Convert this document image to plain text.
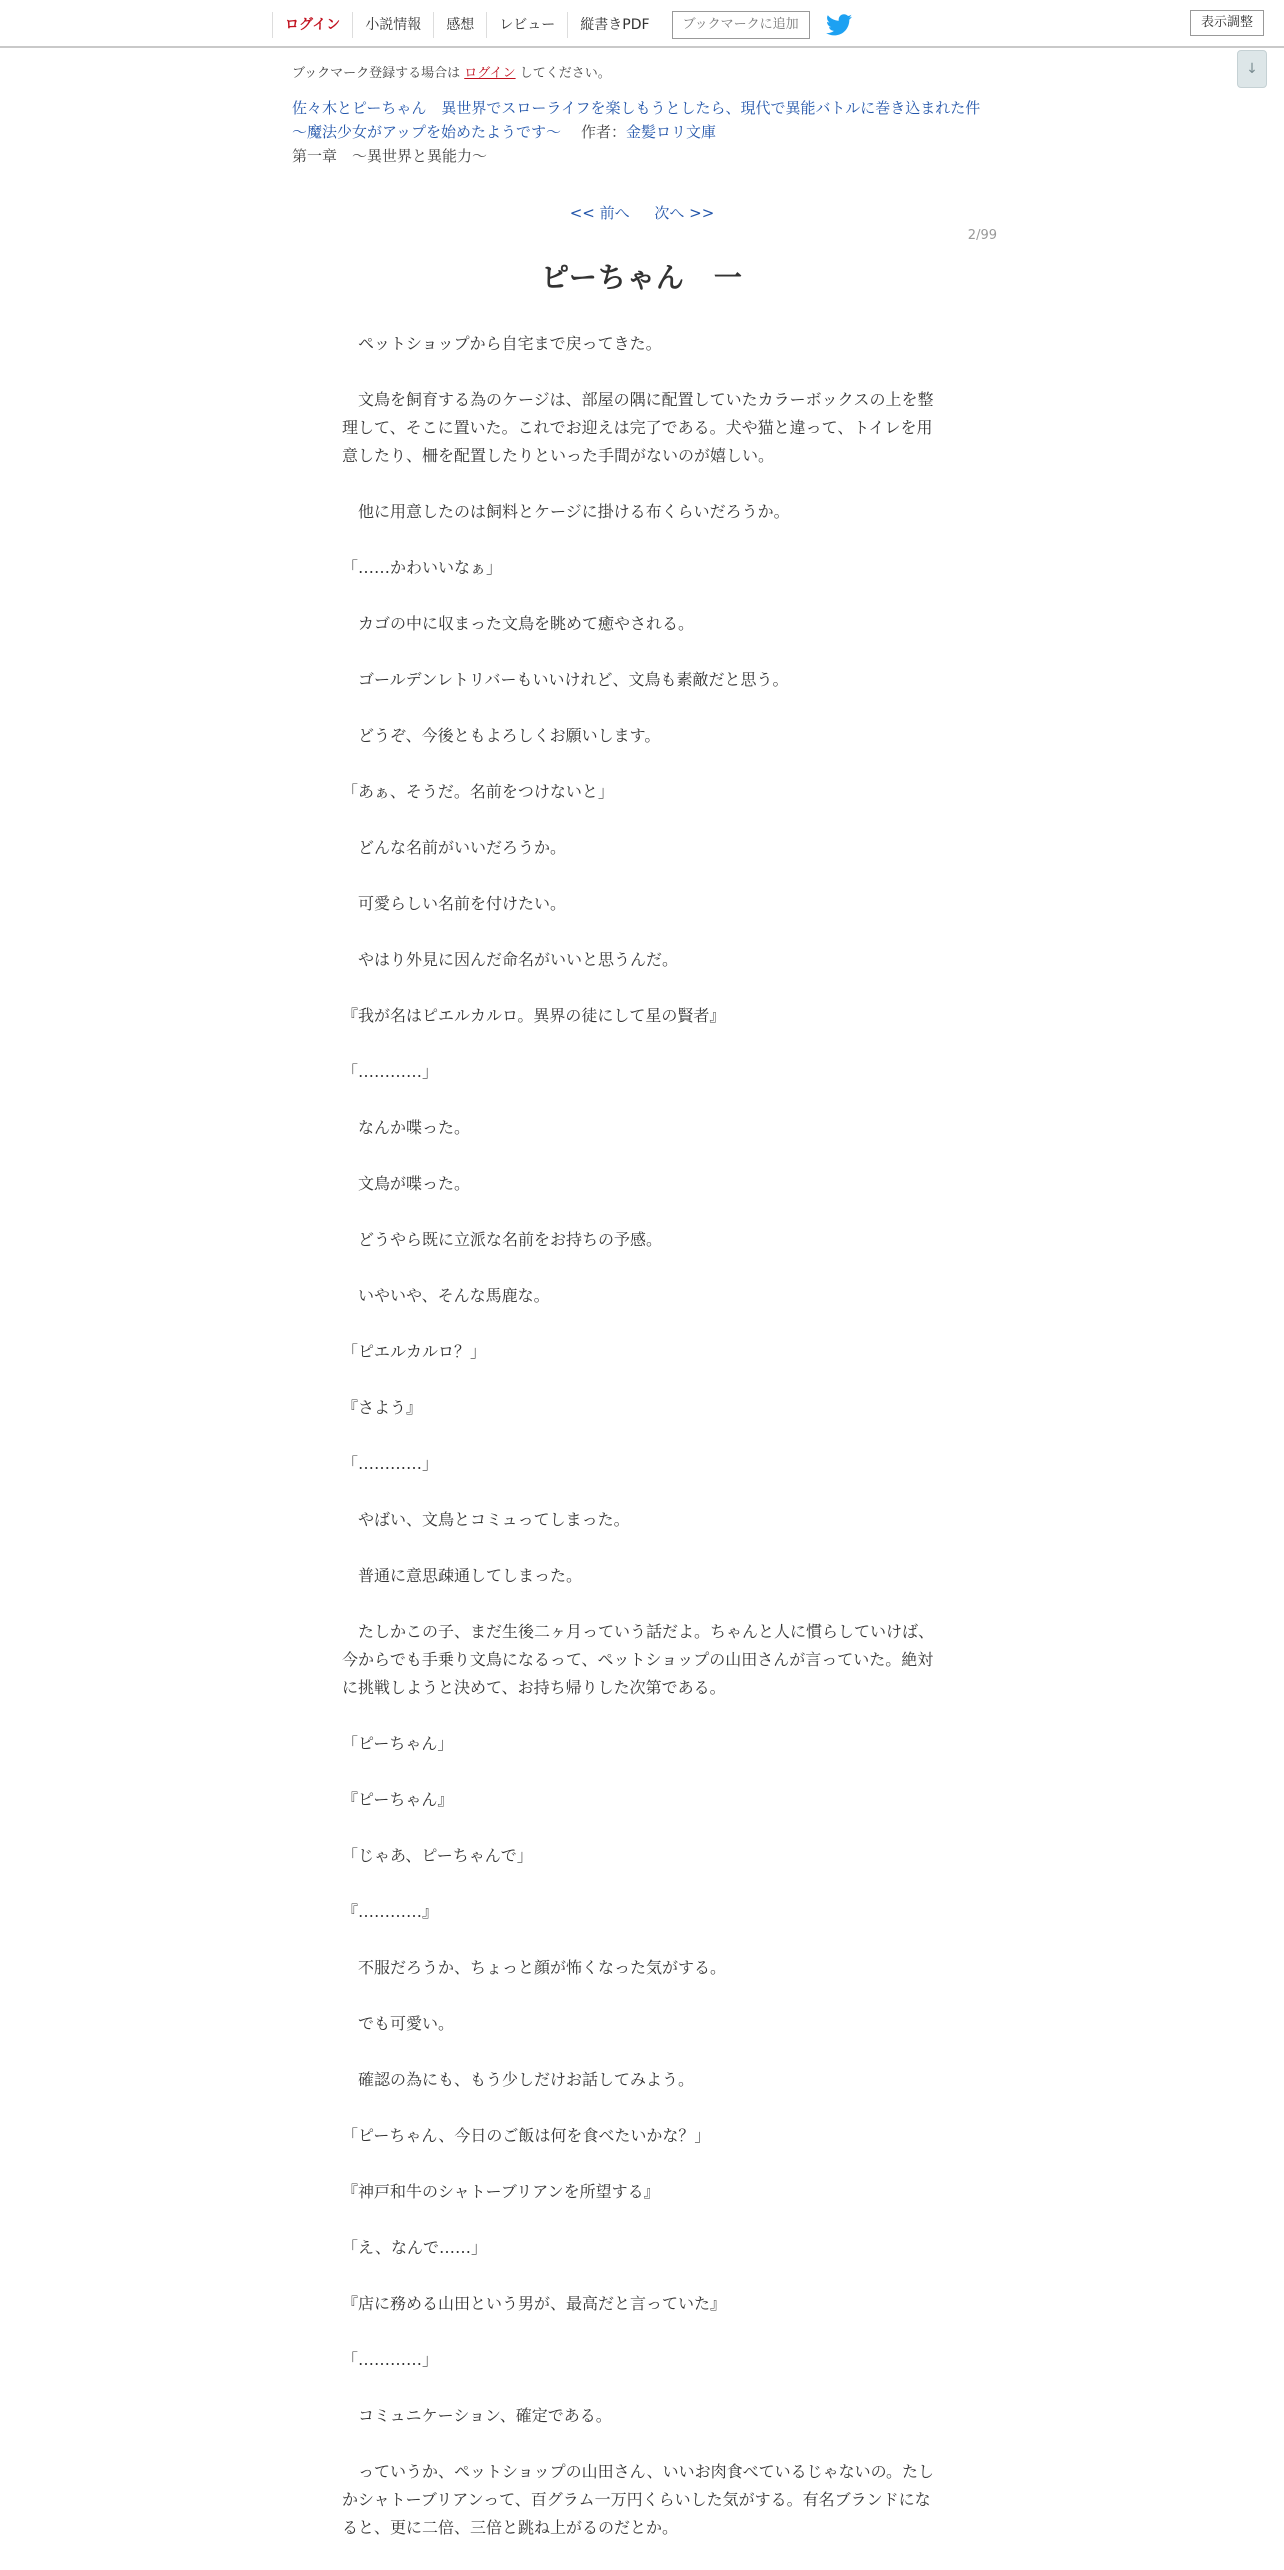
ログイン	小説情報	感想	レビュー	縦書きPDF	ブックマークに追加	表示調整
↓
ブックマーク登録する場合は ログイン してください。
佐々木とピーちゃん　異世界でスローライフを楽しもうとしたら、現代で異能バトルに巻き込まれた件　～魔法少女がアップを始めたようです～ 作者：金髪ロリ文庫
第一章　～異世界と異能力～
<< 前へ 次へ >>
2/99
ピーちゃん　一

　ペットショップから自宅まで戻ってきた。

　文鳥を飼育する為のケージは、部屋の隅に配置していたカラーボックスの上を整理して、そこに置いた。これでお迎えは完了である。犬や猫と違って、トイレを用意したり、柵を配置したりといった手間がないのが嬉しい。

　他に用意したのは飼料とケージに掛ける布くらいだろうか。

「……かわいいなぁ」

　カゴの中に収まった文鳥を眺めて癒やされる。

　ゴールデンレトリバーもいいけれど、文鳥も素敵だと思う。

　どうぞ、今後ともよろしくお願いします。

「あぁ、そうだ。名前をつけないと」

　どんな名前がいいだろうか。

　可愛らしい名前を付けたい。

　やはり外見に因んだ命名がいいと思うんだ。

『我が名はピエルカルロ。異界の徒にして星の賢者』

「…………」

　なんか喋った。

　文鳥が喋った。

　どうやら既に立派な名前をお持ちの予感。

　いやいや、そんな馬鹿な。

「ピエルカルロ？」

『さよう』

「…………」

　やばい、文鳥とコミュってしまった。

　普通に意思疎通してしまった。

　たしかこの子、まだ生後二ヶ月っていう話だよ。ちゃんと人に慣らしていけば、今からでも手乗り文鳥になるって、ペットショップの山田さんが言っていた。絶対に挑戦しようと決めて、お持ち帰りした次第である。

「ピーちゃん」

『ピーちゃん』

「じゃあ、ピーちゃんで」

『…………』

　不服だろうか、ちょっと顔が怖くなった気がする。

　でも可愛い。

　確認の為にも、もう少しだけお話してみよう。

「ピーちゃん、今日のご飯は何を食べたいかな？」

『神戸和牛のシャトーブリアンを所望する』

「え、なんで……」

『店に務める山田という男が、最高だと言っていた』

「…………」

　コミュニケーション、確定である。

　っていうか、ペットショップの山田さん、いいお肉食べているじゃないの。たしかシャトーブリアンって、百グラム一万円くらいした気がする。有名ブランドになると、更に二倍、三倍と跳ね上がるのだとか。
